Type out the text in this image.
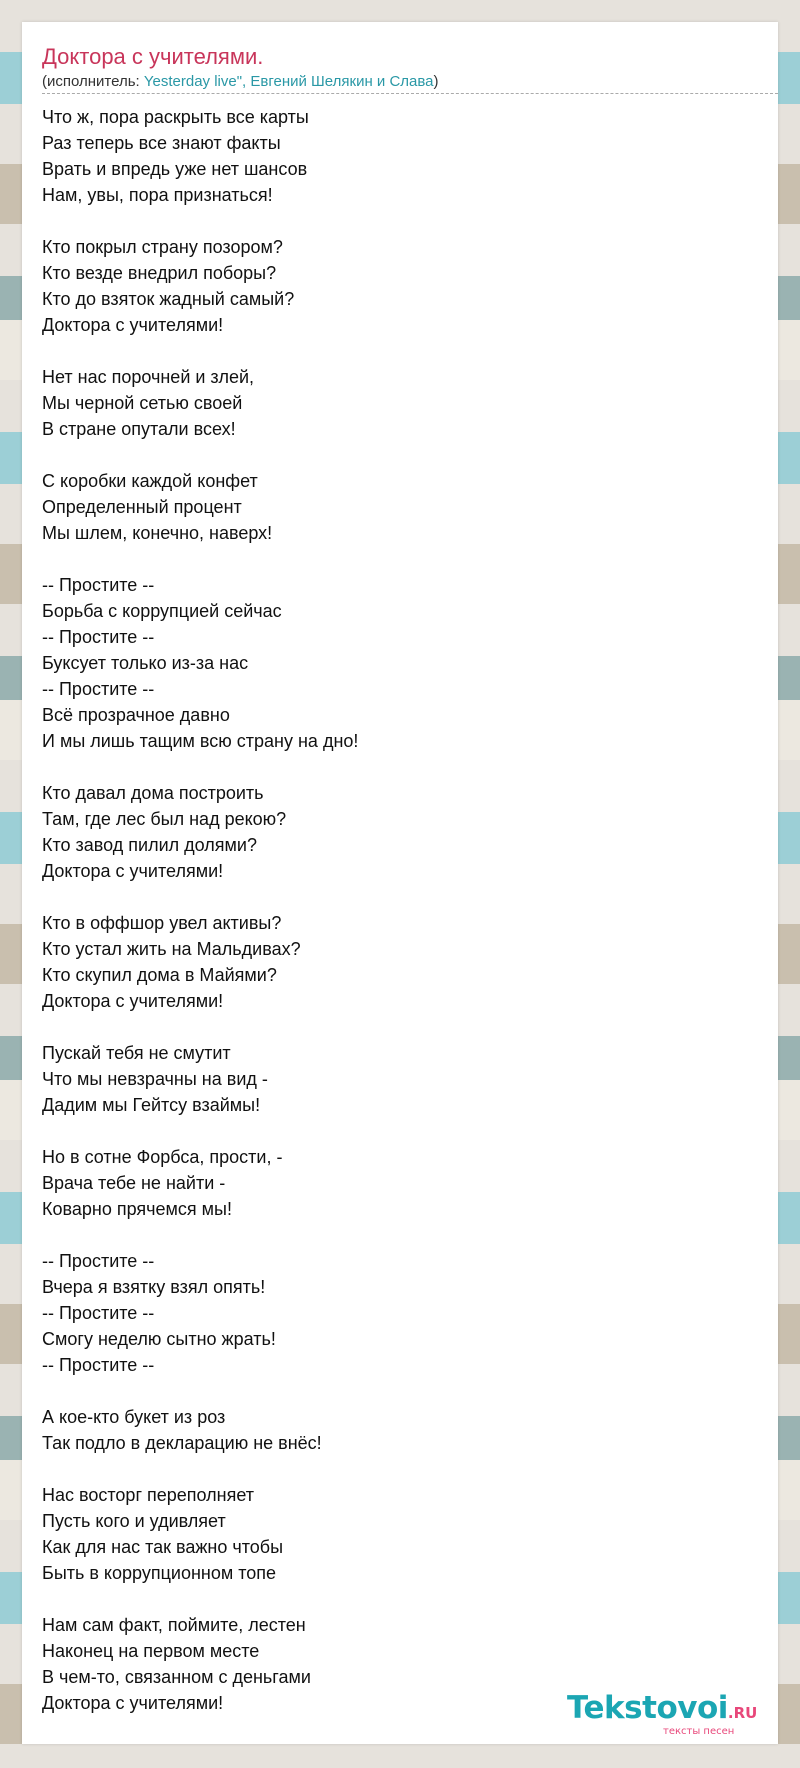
Доктора с учителями.
(исполнитель: Yesterday live", Евгений Шелякин и Слава)
Что ж, пора раскрыть все карты
Раз теперь все знают факты
Врать и впредь уже нет шансов
Нам, увы, пора признаться!
Кто покрыл страну позором?
Кто везде внедрил поборы?
Кто до взяток жадный самый?
Доктора с учителями!
Нет нас порочней и злей,
Мы черной сетью своей
В стране опутали всех!
С коробки каждой конфет
Определенный процент
Мы шлем, конечно, наверх!
-- Простите --
Борьба с коррупцией сейчас
-- Простите --
Буксует только из-за нас
-- Простите --
Всё прозрачное давно
И мы лишь тащим всю страну на дно!
Кто давал дома построить
Там, где лес был над рекою?
Кто завод пилил долями?
Доктора с учителями!
Кто в оффшор увел активы?
Кто устал жить на Мальдивах?
Кто скупил дома в Майями?
Доктора с учителями!
Пускай тебя не смутит
Что мы невзрачны на вид -
Дадим мы Гейтсу взаймы!
Но в сотне Форбса, прости, -
Врача тебе не найти -
Коварно прячемся мы!
-- Простите --
Вчера я взятку взял опять!
-- Простите --
Смогу неделю сытно жрать!
-- Простите --
А кое-кто букет из роз
Так подло в декларацию не внёс!
Нас восторг переполняет
Пусть кого и удивляет
Как для нас так важно чтобы
Быть в коррупционном топе
Нам сам факт, поймите, лестен
Наконец на первом месте
В чем-то, связанном с деньгами
Доктора с учителями!	Tekstovoi.RU
тексты песен
